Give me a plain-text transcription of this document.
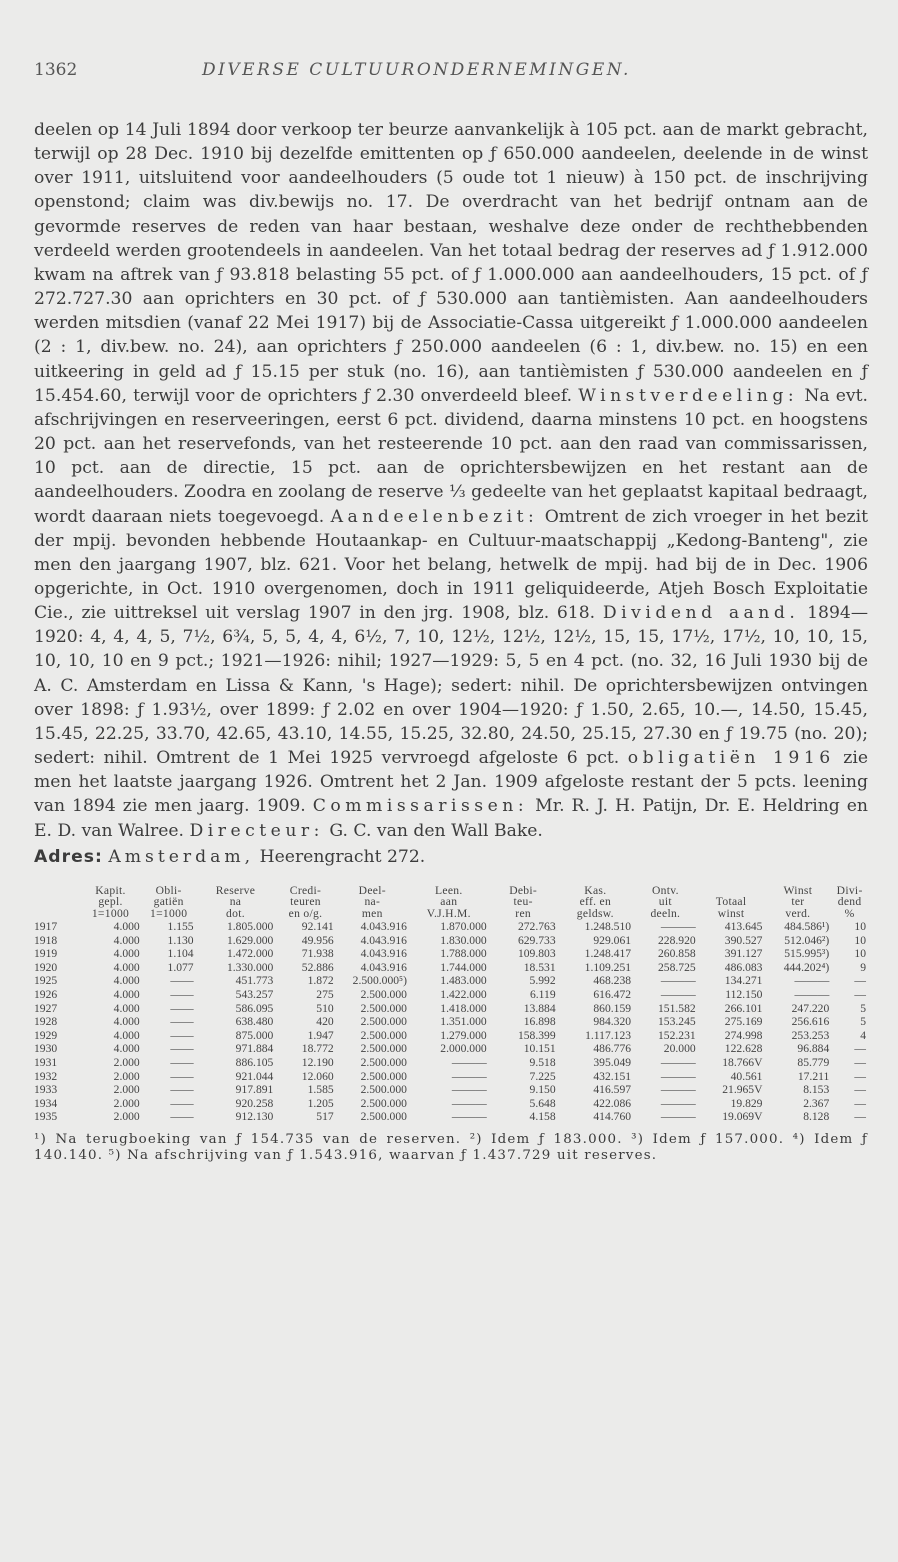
1362	DIVERSE CULTUURONDERNEMINGEN.

deelen op 14 Juli 1894 door verkoop ter beurze aanvankelijk à 105 pct. aan de markt gebracht, terwijl op 28 Dec. 1910 bij dezelfde emittenten op ƒ 650.000 aandeelen, deelende in de winst over 1911, uitsluitend voor aandeelhouders (5 oude tot 1 nieuw) à 150 pct. de inschrijving openstond; claim was div.bewijs no. 17. De overdracht van het bedrijf ontnam aan de gevormde reserves de reden van haar bestaan, weshalve deze onder de rechthebbenden verdeeld werden grootendeels in aandeelen. Van het totaal bedrag der reserves ad ƒ 1.912.000 kwam na aftrek van ƒ 93.818 belasting 55 pct. of ƒ 1.000.000 aan aandeelhouders, 15 pct. of ƒ 272.727.30 aan oprichters en 30 pct. of ƒ 530.000 aan tantièmisten. Aan aandeelhouders werden mitsdien (vanaf 22 Mei 1917) bij de Associatie-Cassa uitgereikt ƒ 1.000.000 aandeelen (2 : 1, div.bew. no. 24), aan oprichters ƒ 250.000 aandeelen (6 : 1, div.bew. no. 15) en een uitkeering in geld ad ƒ 15.15 per stuk (no. 16), aan tantièmisten ƒ 530.000 aandeelen en ƒ 15.454.60, terwijl voor de oprichters ƒ 2.30 onverdeeld bleef. Winstverdeeling: Na evt. afschrijvingen en reserveeringen, eerst 6 pct. dividend, daarna minstens 10 pct. en hoogstens 20 pct. aan het reservefonds, van het resteerende 10 pct. aan den raad van commissarissen, 10 pct. aan de directie, 15 pct. aan de oprichtersbewijzen en het restant aan de aandeelhouders. Zoodra en zoolang de reserve ⅓ gedeelte van het geplaatst kapitaal bedraagt, wordt daaraan niets toegevoegd. Aandeelenbezit: Omtrent de zich vroeger in het bezit der mpij. bevonden hebbende Houtaankap- en Cultuur-maatschappij „Kedong-Banteng", zie men den jaargang 1907, blz. 621. Voor het belang, hetwelk de mpij. had bij de in Dec. 1906 opgerichte, in Oct. 1910 overgenomen, doch in 1911 geliquideerde, Atjeh Bosch Exploitatie Cie., zie uittreksel uit verslag 1907 in den jrg. 1908, blz. 618. Dividend aand. 1894—1920: 4, 4, 4, 5, 7½, 6¾, 5, 5, 4, 4, 6½, 7, 10, 12½, 12½, 12½, 15, 15, 17½, 17½, 10, 10, 15, 10, 10, 10 en 9 pct.; 1921—1926: nihil; 1927—1929: 5, 5 en 4 pct. (no. 32, 16 Juli 1930 bij de A. C. Amsterdam en Lissa & Kann, 's Hage); sedert: nihil. De oprichtersbewijzen ontvingen over 1898: ƒ 1.93½, over 1899: ƒ 2.02 en over 1904—1920: ƒ 1.50, 2.65, 10.—, 14.50, 15.45, 15.45, 22.25, 33.70, 42.65, 43.10, 14.55, 15.25, 32.80, 24.50, 25.15, 27.30 en ƒ 19.75 (no. 20); sedert: nihil. Omtrent de 1 Mei 1925 vervroegd afgeloste 6 pct. obligatiën 1916 zie men het laatste jaargang 1926. Omtrent het 2 Jan. 1909 afgeloste restant der 5 pcts. leening van 1894 zie men jaarg. 1909. Commissarissen: Mr. R. J. H. Patijn, Dr. E. Heldring en E. D. van Walree. Directeur: G. C. van den Wall Bake.

Adres: Amsterdam, Heerengracht 272.
	Kapit.	Obli-	Reserve	Credi-	Deel-	Leen.	Debi-	Kas.	Ontv.		Winst	Divi-
	gepl.	gatiën	na	teuren	na-	aan	teu-	eff. en	uit	Totaal	ter	dend
	1=1000	1=1000	dot.	en o/g.	men	V.J.H.M.	ren	geldsw.	deeln.	winst	verd.	%
1917	4.000	1.155	1.805.000	92.141	4.043.916	1.870.000	272.763	1.248.510	———	413.645	484.586¹)	10
1918	4.000	1.130	1.629.000	49.956	4.043.916	1.830.000	629.733	929.061	228.920	390.527	512.046²)	10
1919	4.000	1.104	1.472.000	71.938	4.043.916	1.788.000	109.803	1.248.417	260.858	391.127	515.995³)	10
1920	4.000	1.077	1.330.000	52.886	4.043.916	1.744.000	18.531	1.109.251	258.725	486.083	444.202⁴)	9
1925	4.000	——	451.773	1.872	2.500.000⁵)	1.483.000	5.992	468.238	———	134.271	———	—
1926	4.000	——	543.257	275	2.500.000	1.422.000	6.119	616.472	———	112.150	———	—
1927	4.000	——	586.095	510	2.500.000	1.418.000	13.884	860.159	151.582	266.101	247.220	5
1928	4.000	——	638.480	420	2.500.000	1.351.000	16.898	984.320	153.245	275.169	256.616	5
1929	4.000	——	875.000	1.947	2.500.000	1.279.000	158.399	1.117.123	152.231	274.998	253.253	4
1930	4.000	——	971.884	18.772	2.500.000	2.000.000	10.151	486.776	20.000	122.628	96.884	—
1931	2.000	——	886.105	12.190	2.500.000	———	9.518	395.049	———	18.766V	85.779	—
1932	2.000	——	921.044	12.060	2.500.000	———	7.225	432.151	———	40.561	17.211	—
1933	2.000	——	917.891	1.585	2.500.000	———	9.150	416.597	———	21.965V	8.153	—
1934	2.000	——	920.258	1.205	2.500.000	———	5.648	422.086	———	19.829	2.367	—
1935	2.000	——	912.130	517	2.500.000	———	4.158	414.760	———	19.069V	8.128	—
¹) Na terugboeking van ƒ 154.735 van de reserven. ²) Idem ƒ 183.000. ³) Idem ƒ 157.000. ⁴) Idem ƒ 140.140. ⁵) Na afschrijving van ƒ 1.543.916, waarvan ƒ 1.437.729 uit reserves.
